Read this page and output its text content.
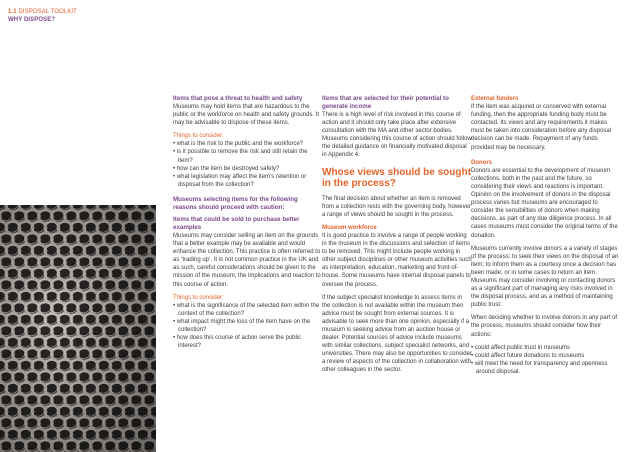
1.1 DISPOSAL TOOLKIT
WHY DISPOSE?
Items that pose a threat to health and safety
Museums may hold items that are hazardous to the public or the workforce on health and safety grounds. It may be advisable to dispose of these items.
Things to consider:
• what is the risk to the public and the workforce?
• is it possible to remove the risk and still retain the item?
• how can the item be destroyed safely?
• what legislation may affect the item’s retention or disposal from the collection?
Museums selecting items for the following reasons should proceed with caution:
Items that could be sold to purchase better examples
Museums may consider selling an item on the grounds that a better example may be available and would enhance the collection. This practice is often referred to as ‘trading up’. It is not common practice in the UK and as such, careful considerations should be given to the mission of the museum, the implications and reaction to this course of action.
Things to consider:
• what is the significance of the selected item within the context of the collection?
• what impact might the loss of the item have on the collection?
• how does this course of action serve the public interest?
Items that are selected for their potential to generate income
There is a high level of risk involved in this course of action and it should only take place after extensive consultation with the MA and other sector bodies. Museums considering this course of action should follow the detailed guidance on financially motivated disposal in Appendix 4.
Whose views should be sought in the process?
The final decision about whether an item is removed from a collection rests with the governing body, however a range of views should be sought in the process.
Museum workforce
It is good practice to involve a range of people working in the museum in the discussions and selection of items to be removed. This might include people working in other subject disciplines or other museum activities such as interpretation, education, marketing and front-of-house. Some museums have internal disposal panels to oversee the process.
If the subject specialist knowledge to assess items in the collection is not available within the museum then advice must be sought from external sources. It is advisable to seek more than one opinion, especially if a museum is seeking advice from an auction house or dealer. Potential sources of advice include museums with similar collections, subject specialist networks, and universities. There may also be opportunities to consider a review of aspects of the collection in collaboration with other colleagues in the sector.
External funders
If the item was acquired or conserved with external funding, then the appropriate funding body must be contacted. Its views and any requirements it makes must be taken into consideration before any disposal decision can be made. Repayment of any funds provided may be necessary.
Donors
Donors are essential to the development of museum collections, both in the past and the future, so considering their views and reactions is important. Opinion on the involvement of donors in the disposal process varies but museums are encouraged to consider the sensibilities of donors when making decisions, as part of any due diligence process. In all cases museums must consider the original terms of the donation.
Museums currently involve donors a a variety of stages of the process: to seek their views on the disposal of an item; to inform them as a courtesy once a decision has been made; or in some cases to return an item. Museums may consider involving or contacting donors as a significant part of managing any risks involved in the disposal process, and as a method of maintaining public trust.
When deciding whether to involve donors in any part of the process, museums should consider how their actions:
• could affect public trust in museums
• could affect future donations to museums
• will meet the need for transparency and openness around disposal.
